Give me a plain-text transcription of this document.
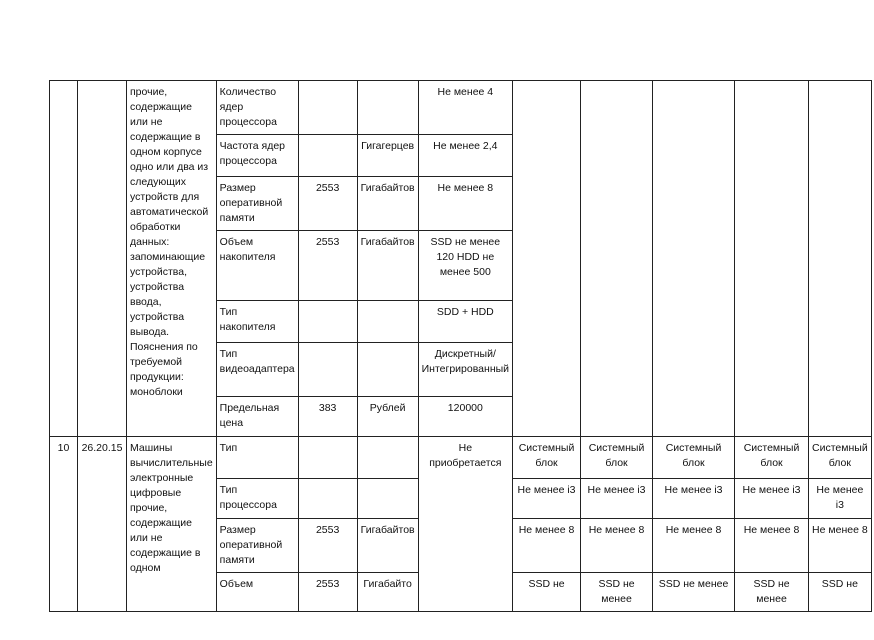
		прочие, содержащие или не содержащие в одном корпусе одно или два из следующих устройств для автоматической обработки данных: запоминающие устройства, устройства ввода, устройства вывода. Пояснения по требуемой продукции: моноблоки	Количество ядер процессора			Не менее 4					
			Частота ядер процессора		Гигагерцев	Не менее 2,4					
			Размер оперативной памяти	2553	Гигабайтов	Не менее 8					
			Объем накопителя	2553	Гигабайтов	SSD не менее 120 HDD не менее 500					
			Тип накопителя			SDD + HDD					
			Тип видеоадаптера			Дискретный/Интегрированный					
			Предельная цена	383	Рублей	120000					
10	26.20.15	Машины вычислительные электронные цифровые прочие, содержащие или не содержащие в одном	Тип			Не приобретается	Системный блок	Системный блок	Системный блок	Системный блок	Системный блок
			Тип процессора				Не менее i3	Не менее i3	Не менее i3	Не менее i3	Не менее i3
			Размер оперативной памяти	2553	Гигабайтов		Не менее 8	Не менее 8	Не менее 8	Не менее 8	Не менее 8
			Объем	2553	Гигабайто		SSD не	SSD не менее	SSD не менее	SSD не менее	SSD не
